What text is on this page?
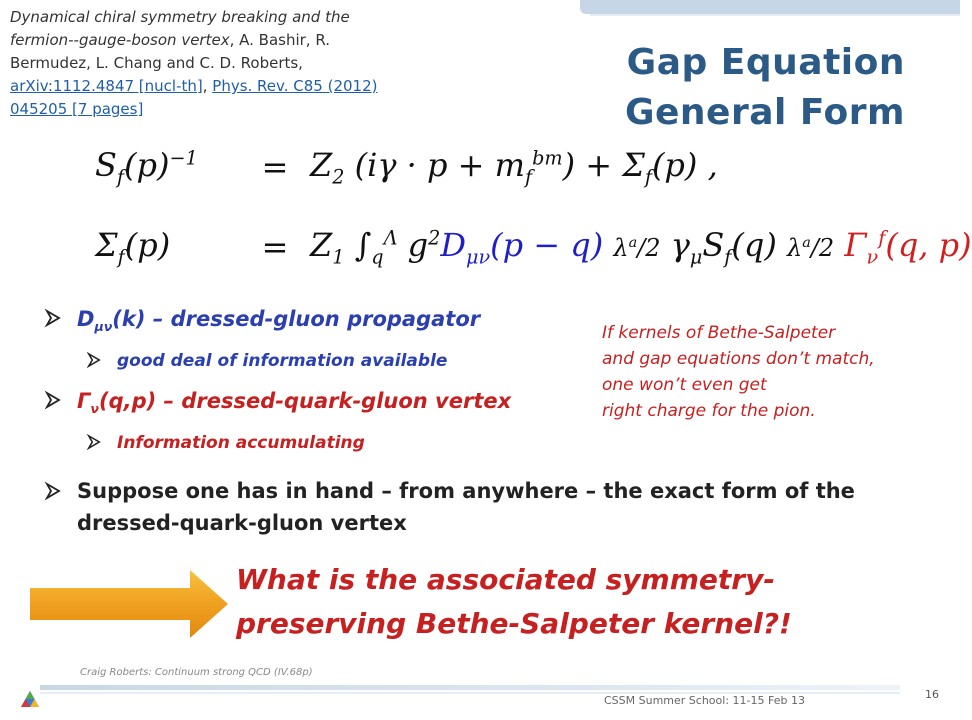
Dynamical chiral symmetry breaking and the fermion--gauge-boson vertex, A. Bashir, R. Bermudez, L. Chang and C. D. Roberts, arXiv:1112.4847 [nucl-th], Phys. Rev. C85 (2012) 045205 [7 pages]
Gap Equation
General Form
$S_f(p)^{-1}$	= $Z_2$ $(i\gamma \cdot p + m_f^{bm}) + \Sigma_f(p)$ ,
$\Sigma_f(p)$	= $Z_1$ $\int_q^\Lambda$ $g^2D_{\mu\nu}(p - q)$ $\lambda^a/2$ $\gamma_\mu S_f(q)$ $\lambda^a/2$ $\Gamma_\nu^f(q$, p)
$D_{\mu\nu}(k)$ – dressed-gluon propagator
good deal of information available
$\Gamma_\nu(q,p)$ – dressed-quark-gluon vertex
Information accumulating
If kernels of Bethe-Salpeter
and gap equations don’t match,
one won’t even get
right charge for the pion.
Suppose one has in hand – from anywhere – the exact form of the dressed-quark-gluon vertex
What is the associated symmetry-
preserving Bethe-Salpeter kernel?!
Craig Roberts: Continuum strong QCD (IV.68p)
CSSM Summer School: 11-15 Feb 13	16
